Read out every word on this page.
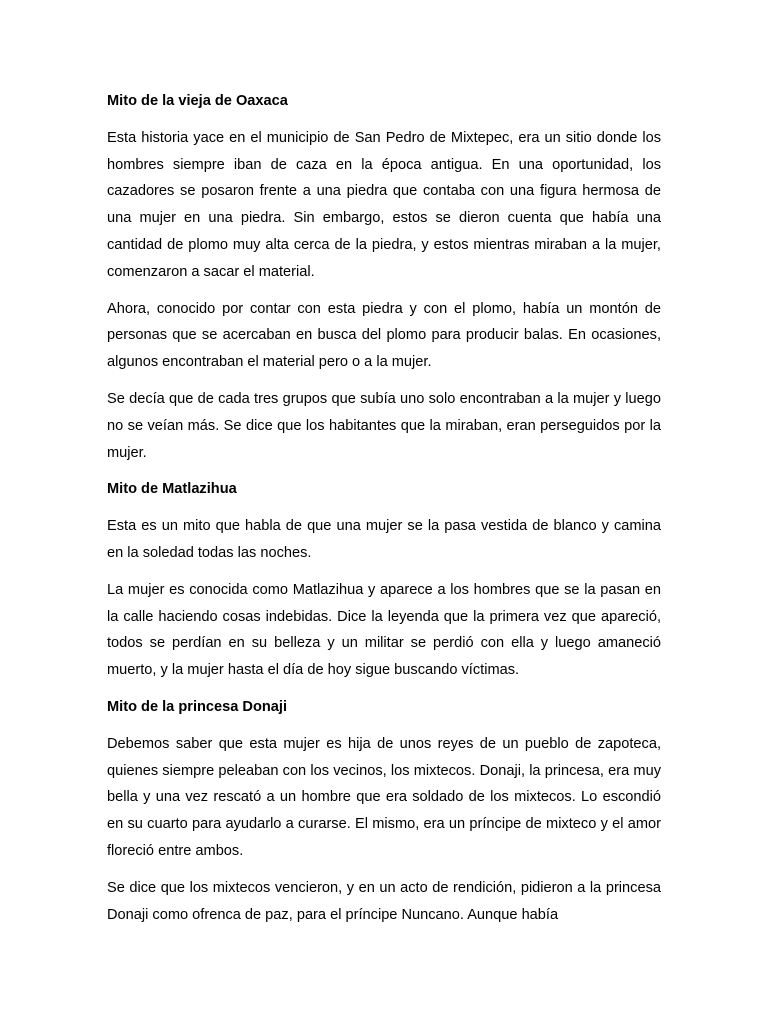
Mito de la vieja de Oaxaca

Esta historia yace en el municipio de San Pedro de Mixtepec, era un sitio donde los hombres siempre iban de caza en la época antigua. En una oportunidad, los cazadores se posaron frente a una piedra que contaba con una figura hermosa de una mujer en una piedra. Sin embargo, estos se dieron cuenta que había una cantidad de plomo muy alta cerca de la piedra, y estos mientras miraban a la mujer, comenzaron a sacar el material.

Ahora, conocido por contar con esta piedra y con el plomo, había un montón de personas que se acercaban en busca del plomo para producir balas. En ocasiones, algunos encontraban el material pero o a la mujer.

Se decía que de cada tres grupos que subía uno solo encontraban a la mujer y luego no se veían más. Se dice que los habitantes que la miraban, eran perseguidos por la mujer.

Mito de Matlazihua

Esta es un mito que habla de que una mujer se la pasa vestida de blanco y camina en la soledad todas las noches.

La mujer es conocida como Matlazihua y aparece a los hombres que se la pasan en la calle haciendo cosas indebidas. Dice la leyenda que la primera vez que apareció, todos se perdían en su belleza y un militar se perdió con ella y luego amaneció muerto, y la mujer hasta el día de hoy sigue buscando víctimas.

Mito de la princesa Donaji

Debemos saber que esta mujer es hija de unos reyes de un pueblo de zapoteca, quienes siempre peleaban con los vecinos, los mixtecos. Donaji, la princesa, era muy bella y una vez rescató a un hombre que era soldado de los mixtecos. Lo escondió en su cuarto para ayudarlo a curarse. El mismo, era un príncipe de mixteco y el amor floreció entre ambos.

Se dice que los mixtecos vencieron, y en un acto de rendición, pidieron a la princesa Donaji como ofrenca de paz, para el príncipe Nuncano. Aunque había
